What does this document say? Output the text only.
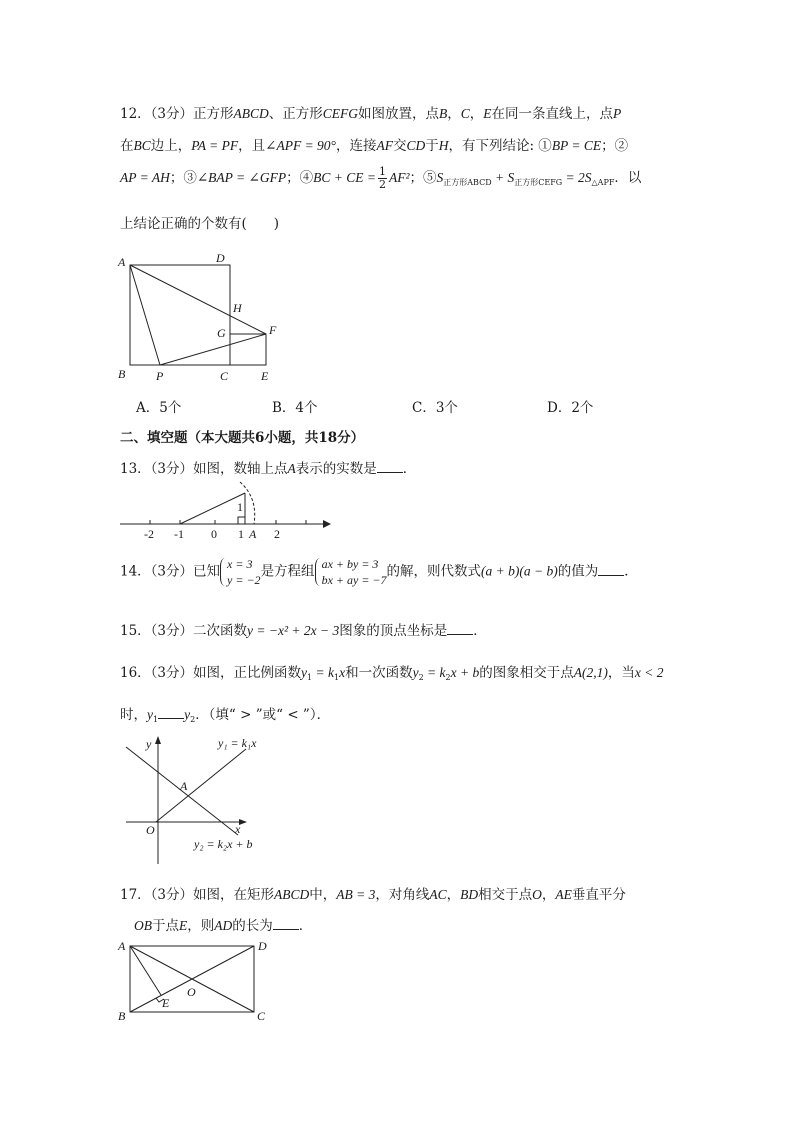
12．（3分）正方形ABCD、正方形CEFG如图放置，点B，C，E在同一条直线上，点P
在BC边上，PA = PF，且∠APF = 90°，连接AF交CD于H，有下列结论: ①BP = CE；②
AP = AH；③∠BAP = ∠GFP；④BC + CE = $\frac{1}{2} AF^2$；$⑤S_{正方形ABCD} + S_{正方形CEFG} = 2S_{\triangle APF}$．以
上结论正确的个数有(　　)
A	D
H
G	F
B	P	C	E
A．5个	B．4个	C．3个	D．2个
二、填空题（本大题共6小题，共18分）
13．（3分）如图，数轴上点A表示的实数是 ．
-2 -1 0 1 A 2
1
14．（3分）已知 x = 3
y = −2
是方程组 ax + by = 3
bx + ay = −7
的解，则代数式(a + b)(a − b)的值为 ．
15．（3分）二次函数y = −x² + 2x − 3图象的顶点坐标是 ．
16．（3分）如图，正比例函数$y_1 = k_1x$和一次函数$y_2 = k_2x + b$的图象相交于点A(2,1)，当x < 2
时，$y_1$ $y_2$．（填“ > ”或“ < ”）．
y
x
O
A
y₁ = k₁x
y₂ = k₂x + b
17．（3分）如图，在矩形ABCD中，AB = 3，对角线AC，BD相交于点O，AE垂直平分
OB于点E，则AD的长为 ．
A	D
O
E
B	C
